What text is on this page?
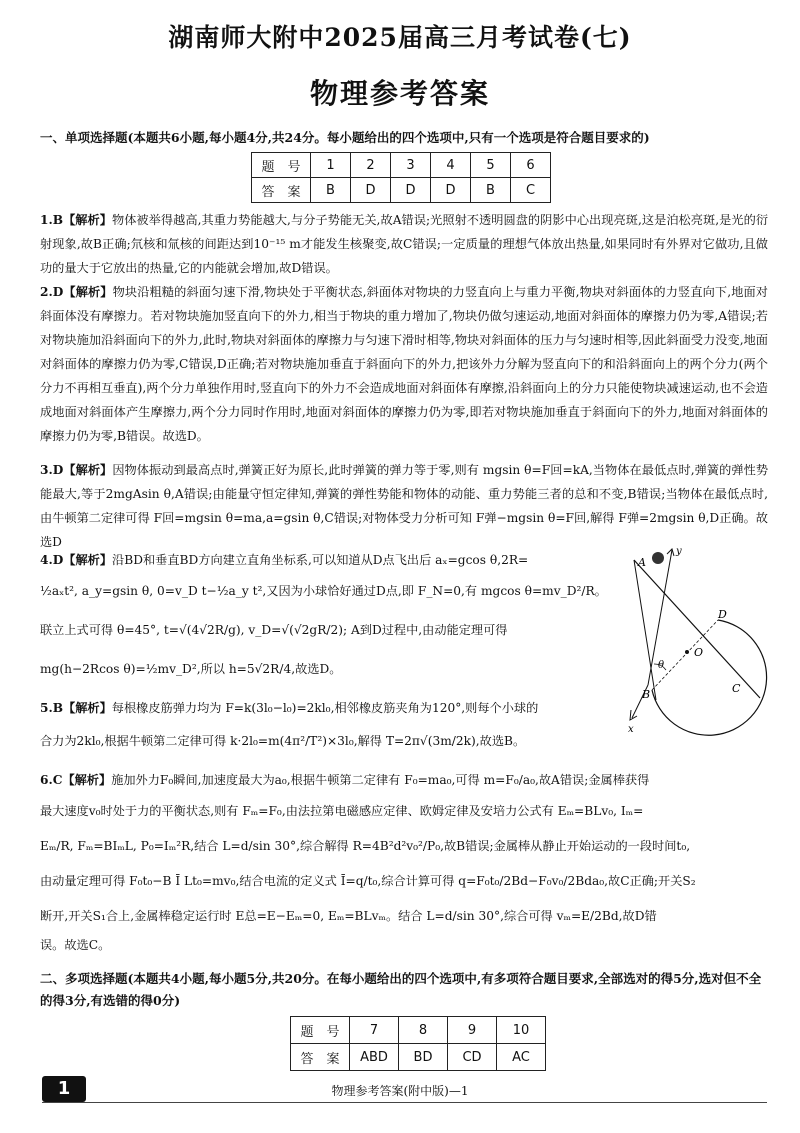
湖南师大附中2025届高三月考试卷(七)
物理参考答案
一、单项选择题(本题共6小题,每小题4分,共24分。每小题给出的四个选项中,只有一个选项是符合题目要求的)
题　号	1	2	3	4	5	6
答　案	B	D	D	D	B	C
1.B【解析】物体被举得越高,其重力势能越大,与分子势能无关,故A错误;光照射不透明圆盘的阴影中心出现亮斑,这是泊松亮斑,是光的衍射现象,故B正确;氘核和氚核的间距达到10⁻¹⁵ m才能发生核聚变,故C错误;一定质量的理想气体放出热量,如果同时有外界对它做功,且做功的量大于它放出的热量,它的内能就会增加,故D错误。
2.D【解析】物块沿粗糙的斜面匀速下滑,物块处于平衡状态,斜面体对物块的力竖直向上与重力平衡,物块对斜面体的力竖直向下,地面对斜面体没有摩擦力。若对物块施加竖直向下的外力,相当于物块的重力增加了,物块仍做匀速运动,地面对斜面体的摩擦力仍为零,A错误;若对物块施加沿斜面向下的外力,此时,物块对斜面体的摩擦力与匀速下滑时相等,物块对斜面体的压力与匀速时相等,因此斜面受力没变,地面对斜面体的摩擦力仍为零,C错误,D正确;若对物块施加垂直于斜面向下的外力,把该外力分解为竖直向下的和沿斜面向上的两个分力(两个分力不再相互垂直),两个分力单独作用时,竖直向下的外力不会造成地面对斜面体有摩擦,沿斜面向上的分力只能使物块减速运动,也不会造成地面对斜面体产生摩擦力,两个分力同时作用时,地面对斜面体的摩擦力仍为零,即若对物块施加垂直于斜面向下的外力,地面对斜面体的摩擦力仍为零,B错误。故选D。
3.D【解析】因物体振动到最高点时,弹簧正好为原长,此时弹簧的弹力等于零,则有 mgsin θ=F回=kA,当物体在最低点时,弹簧的弹性势能最大,等于2mgAsin θ,A错误;由能量守恒定律知,弹簧的弹性势能和物体的动能、重力势能三者的总和不变,B错误;当物体在最低点时,由牛顿第二定律可得 F回=mgsin θ=ma,a=gsin θ,C错误;对物体受力分析可知 F弹−mgsin θ=F回,解得 F弹=2mgsin θ,D正确。故选D
4.D【解析】沿BD和垂直BD方向建立直角坐标系,可以知道从D点飞出后 aₓ=gcos θ,2R=
½aₓt², a_y=gsin θ, 0=v_D t−½a_y t²,又因为小球恰好通过D点,即 F_N=0,有 mgcos θ=mv_D²/R。
联立上式可得 θ=45°, t=√(4√2R/g), v_D=√(√2gR/2); A到D过程中,由动能定理可得
mg(h−2Rcos θ)=½mv_D²,所以 h=5√2R/4,故选D。
5.B【解析】每根橡皮筋弹力均为 F=k(3l₀−l₀)=2kl₀,相邻橡皮筋夹角为120°,则每个小球的
合力为2kl₀,根据牛顿第二定律可得 k·2l₀=m(4π²/T²)×3l₀,解得 T=2π√(3m/2k),故选B。
6.C【解析】施加外力F₀瞬间,加速度最大为a₀,根据牛顿第二定律有 F₀=ma₀,可得 m=F₀/a₀,故A错误;金属棒获得
最大速度v₀时处于力的平衡状态,则有 Fₘ=F₀,由法拉第电磁感应定律、欧姆定律及安培力公式有 Eₘ=BLv₀, Iₘ=
Eₘ/R, Fₘ=BIₘL, P₀=Iₘ²R,结合 L=d/sin 30°,综合解得 R=4B²d²v₀²/P₀,故B错误;金属棒从静止开始运动的一段时间t₀,
由动量定理可得 F₀t₀−B Ī Lt₀=mv₀,结合电流的定义式 Ī=q/t₀,综合计算可得 q=F₀t₀/2Bd−F₀v₀/2Bda₀,故C正确;开关S₂
断开,开关S₁合上,金属棒稳定运行时 E总=E−Eₘ=0, Eₘ=BLvₘ。结合 L=d/sin 30°,综合可得 vₘ=E/2Bd,故D错
误。故选C。
二、多项选择题(本题共4小题,每小题5分,共20分。在每小题给出的四个选项中,有多项符合题目要求,全部选对的得5分,选对但不全的得3分,有选错的得0分)
题　号	7	8	9	10
答　案	ABD	BD	CD	AC
A
y
D
O
θ
B	C
x
1	物理参考答案(附中版)—1
